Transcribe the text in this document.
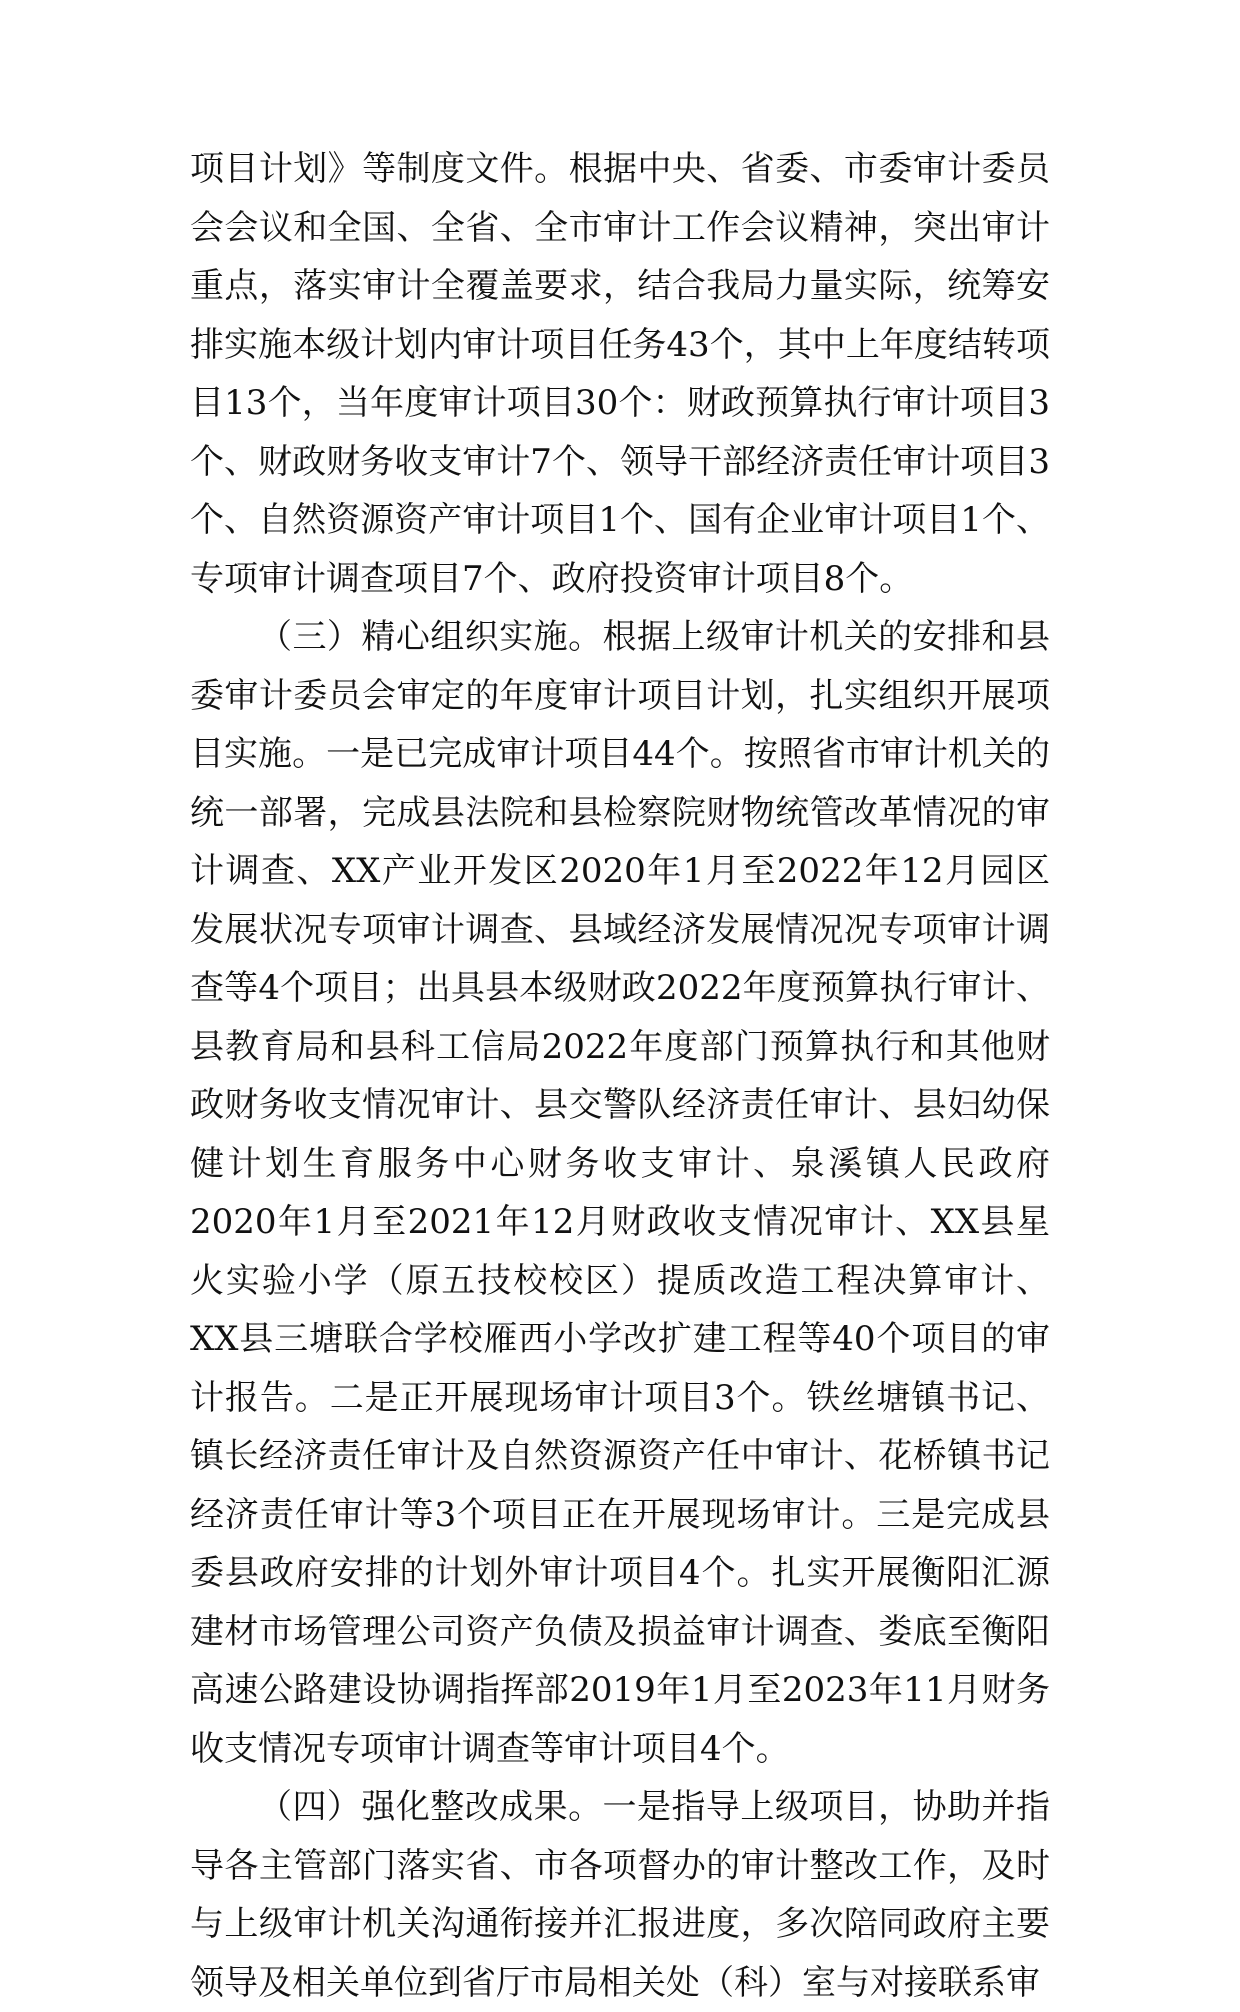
项目计划》等制度文件。根据中央、省委、市委审计委员会会议和全国、全省、全市审计工作会议精神，突出审计重点，落实审计全覆盖要求，结合我局力量实际，统筹安排实施本级计划内审计项目任务43个，其中上年度结转项目13个，当年度审计项目30个：财政预算执行审计项目3个、财政财务收支审计7个、领导干部经济责任审计项目3个、自然资源资产审计项目1个、国有企业审计项目1个、专项审计调查项目7个、政府投资审计项目8个。

（三）精心组织实施。根据上级审计机关的安排和县委审计委员会审定的年度审计项目计划，扎实组织开展项目实施。一是已完成审计项目44个。按照省市审计机关的统一部署，完成县法院和县检察院财物统管改革情况的审计调查、XX产业开发区2020年1月至2022年12月园区发展状况专项审计调查、县域经济发展情况况专项审计调查等4个项目；出具县本级财政2022年度预算执行审计、县教育局和县科工信局2022年度部门预算执行和其他财政财务收支情况审计、县交警队经济责任审计、县妇幼保健计划生育服务中心财务收支审计、泉溪镇人民政府2020年1月至2021年12月财政收支情况审计、XX县星火实验小学（原五技校校区）提质改造工程决算审计、XX县三塘联合学校雁西小学改扩建工程等40个项目的审计报告。二是正开展现场审计项目3个。铁丝塘镇书记、镇长经济责任审计及自然资源资产任中审计、花桥镇书记经济责任审计等3个项目正在开展现场审计。三是完成县委县政府安排的计划外审计项目4个。扎实开展衡阳汇源建材市场管理公司资产负债及损益审计调查、娄底至衡阳高速公路建设协调指挥部2019年1月至2023年11月财务收支情况专项审计调查等审计项目4个。

（四）强化整改成果。一是指导上级项目，协助并指导各主管部门落实省、市各项督办的审计整改工作，及时与上级审计机关沟通衔接并汇报进度，多次陪同政府主要领导及相关单位到省厅市局相关处（科）室与对接联系审
